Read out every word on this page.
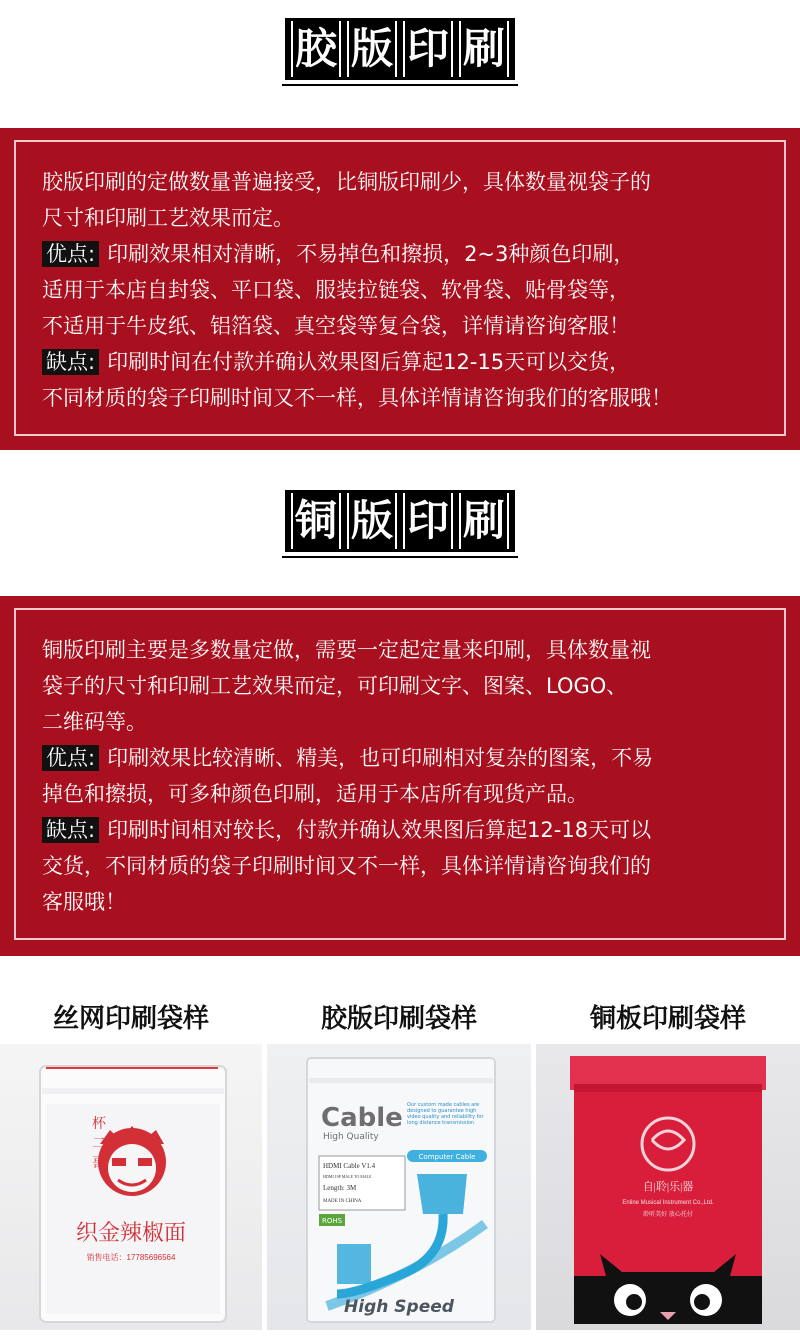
胶 版 印 刷
胶版印刷的定做数量普遍接受，比铜版印刷少，具体数量视袋子的
尺寸和印刷工艺效果而定。
优点: 印刷效果相对清晰，不易掉色和擦损，2~3种颜色印刷，
适用于本店自封袋、平口袋、服装拉链袋、软骨袋、贴骨袋等，
不适用于牛皮纸、铝箔袋、真空袋等复合袋，详情请咨询客服！
缺点: 印刷时间在付款并确认效果图后算起12-15天可以交货，
不同材质的袋子印刷时间又不一样，具体详情请咨询我们的客服哦！
铜 版 印 刷
铜版印刷主要是多数量定做，需要一定起定量来印刷，具体数量视
袋子的尺寸和印刷工艺效果而定，可印刷文字、图案、LOGO、
二维码等。
优点: 印刷效果比较清晰、精美，也可印刷相对复杂的图案，不易
掉色和擦损，可多种颜色印刷，适用于本店所有现货产品。
缺点: 印刷时间相对较长，付款并确认效果图后算起12-18天可以
交货，不同材质的袋子印刷时间又不一样，具体详情请咨询我们的
客服哦！
丝网印刷袋样	胶版印刷袋样	铜板印刷袋样
杯
二
哥
织金辣椒面
销售电话：17785696564
Cable
High Quality
Our custom made cables are designed to guarantee high video quality and reliability for long distance transmission
Computer Cable
HDMI Cable V1.4
HDMI 19P MALE TO MALE
Length: 3M
MADE IN CHINA
ROHS
High Speed
自|聆|乐|器
Enline Musical Instrument Co.,Ltd.
聆听美好 放心托付
